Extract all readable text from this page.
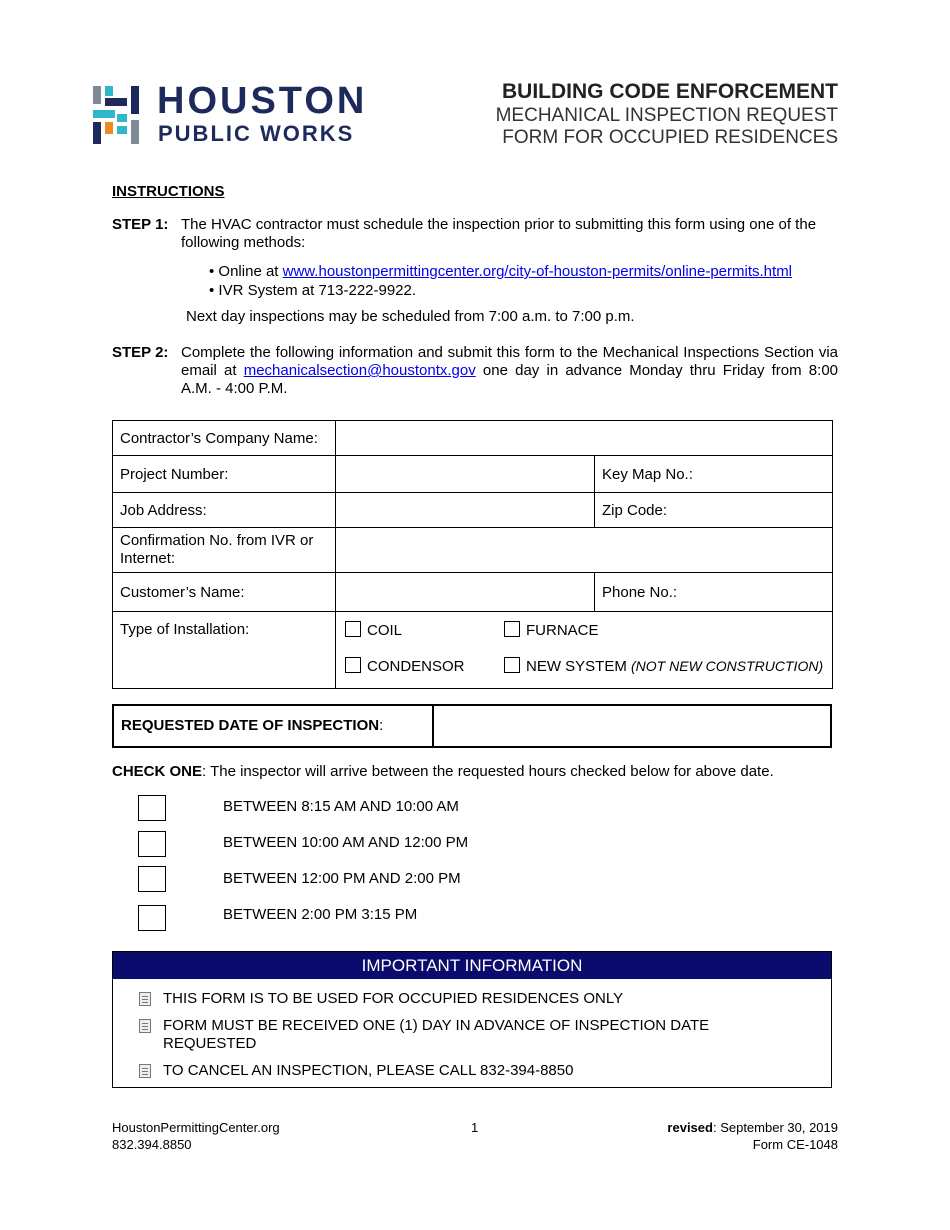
HOUSTON
PUBLIC WORKS
BUILDING CODE ENFORCEMENT
MECHANICAL INSPECTION REQUEST
FORM FOR OCCUPIED RESIDENCES
INSTRUCTIONS
STEP 1: The HVAC contractor must schedule the inspection prior to submitting this form using one of the following methods:
• Online at www.houstonpermittingcenter.org/city-of-houston-permits/online-permits.html
• IVR System at 713-222-9922.
Next day inspections may be scheduled from 7:00 a.m. to 7:00 p.m.
STEP 2: Complete the following information and submit this form to the Mechanical Inspections Section via email at mechanicalsection@houstontx.gov one day in advance Monday thru Friday from 8:00 A.M. - 4:00 P.M.
Contractor’s Company Name:		
Project Number:		Key Map No.:
Job Address:		Zip Code:
Confirmation No. from IVR or Internet:		
Customer’s Name:		Phone No.:
Type of Installation:	COIL FURNACE
CONDENSOR NEW SYSTEM (NOT NEW CONSTRUCTION)	
REQUESTED DATE OF INSPECTION:
CHECK ONE: The inspector will arrive between the requested hours checked below for above date.
BETWEEN 8:15 AM AND 10:00 AM
BETWEEN 10:00 AM AND 12:00 PM
BETWEEN 12:00 PM AND 2:00 PM
BETWEEN 2:00 PM 3:15 PM
IMPORTANT INFORMATION
THIS FORM IS TO BE USED FOR OCCUPIED RESIDENCES ONLY
FORM MUST BE RECEIVED ONE (1) DAY IN ADVANCE OF INSPECTION DATE REQUESTED
TO CANCEL AN INSPECTION, PLEASE CALL 832-394-8850
HoustonPermittingCenter.org
832.394.8850
1	revised: September 30, 2019
Form CE-1048
